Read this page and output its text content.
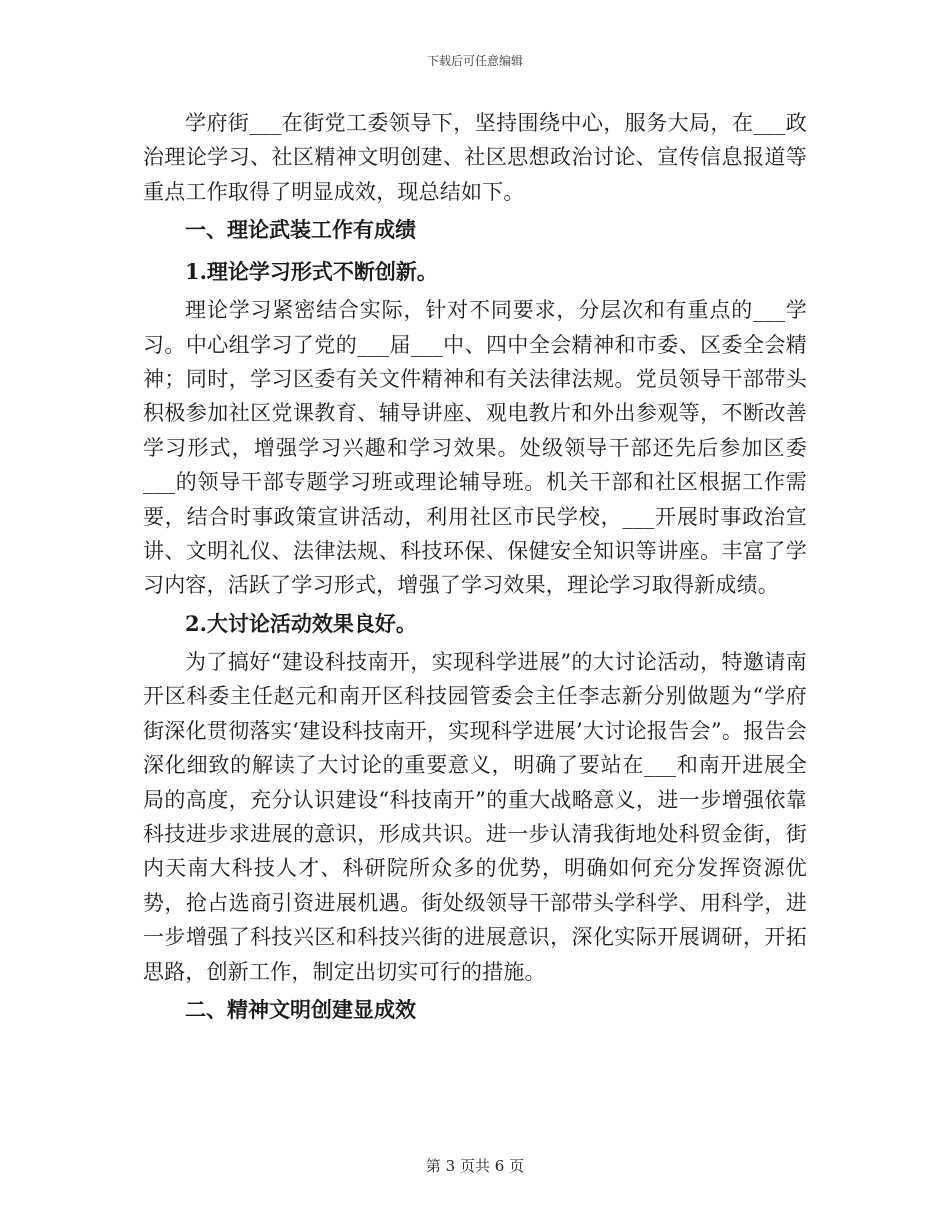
下载后可任意编辑

学府街___在街党工委领导下，坚持围绕中心，服务大局，在___政治理论学习、社区精神文明创建、社区思想政治讨论、宣传信息报道等重点工作取得了明显成效，现总结如下。

一、理论武装工作有成绩
1.理论学习形式不断创新。

理论学习紧密结合实际，针对不同要求，分层次和有重点的___学习。中心组学习了党的___届___中、四中全会精神和市委、区委全会精神；同时，学习区委有关文件精神和有关法律法规。党员领导干部带头积极参加社区党课教育、辅导讲座、观电教片和外出参观等，不断改善学习形式，增强学习兴趣和学习效果。处级领导干部还先后参加区委___的领导干部专题学习班或理论辅导班。机关干部和社区根据工作需要，结合时事政策宣讲活动，利用社区市民学校，___开展时事政治宣讲、文明礼仪、法律法规、科技环保、保健安全知识等讲座。丰富了学习内容，活跃了学习形式，增强了学习效果，理论学习取得新成绩。

2.大讨论活动效果良好。

为了搞好“建设科技南开，实现科学进展”的大讨论活动，特邀请南开区科委主任赵元和南开区科技园管委会主任李志新分别做题为“学府街深化贯彻落实‘建设科技南开，实现科学进展’大讨论报告会”。报告会深化细致的解读了大讨论的重要意义，明确了要站在___和南开进展全局的高度，充分认识建设“科技南开”的重大战略意义，进一步增强依靠科技进步求进展的意识，形成共识。进一步认清我街地处科贸金街，街内天南大科技人才、科研院所众多的优势，明确如何充分发挥资源优势，抢占选商引资进展机遇。街处级领导干部带头学科学、用科学，进一步增强了科技兴区和科技兴街的进展意识，深化实际开展调研，开拓思路，创新工作，制定出切实可行的措施。

二、精神文明创建显成效
第 3 页共 6 页
